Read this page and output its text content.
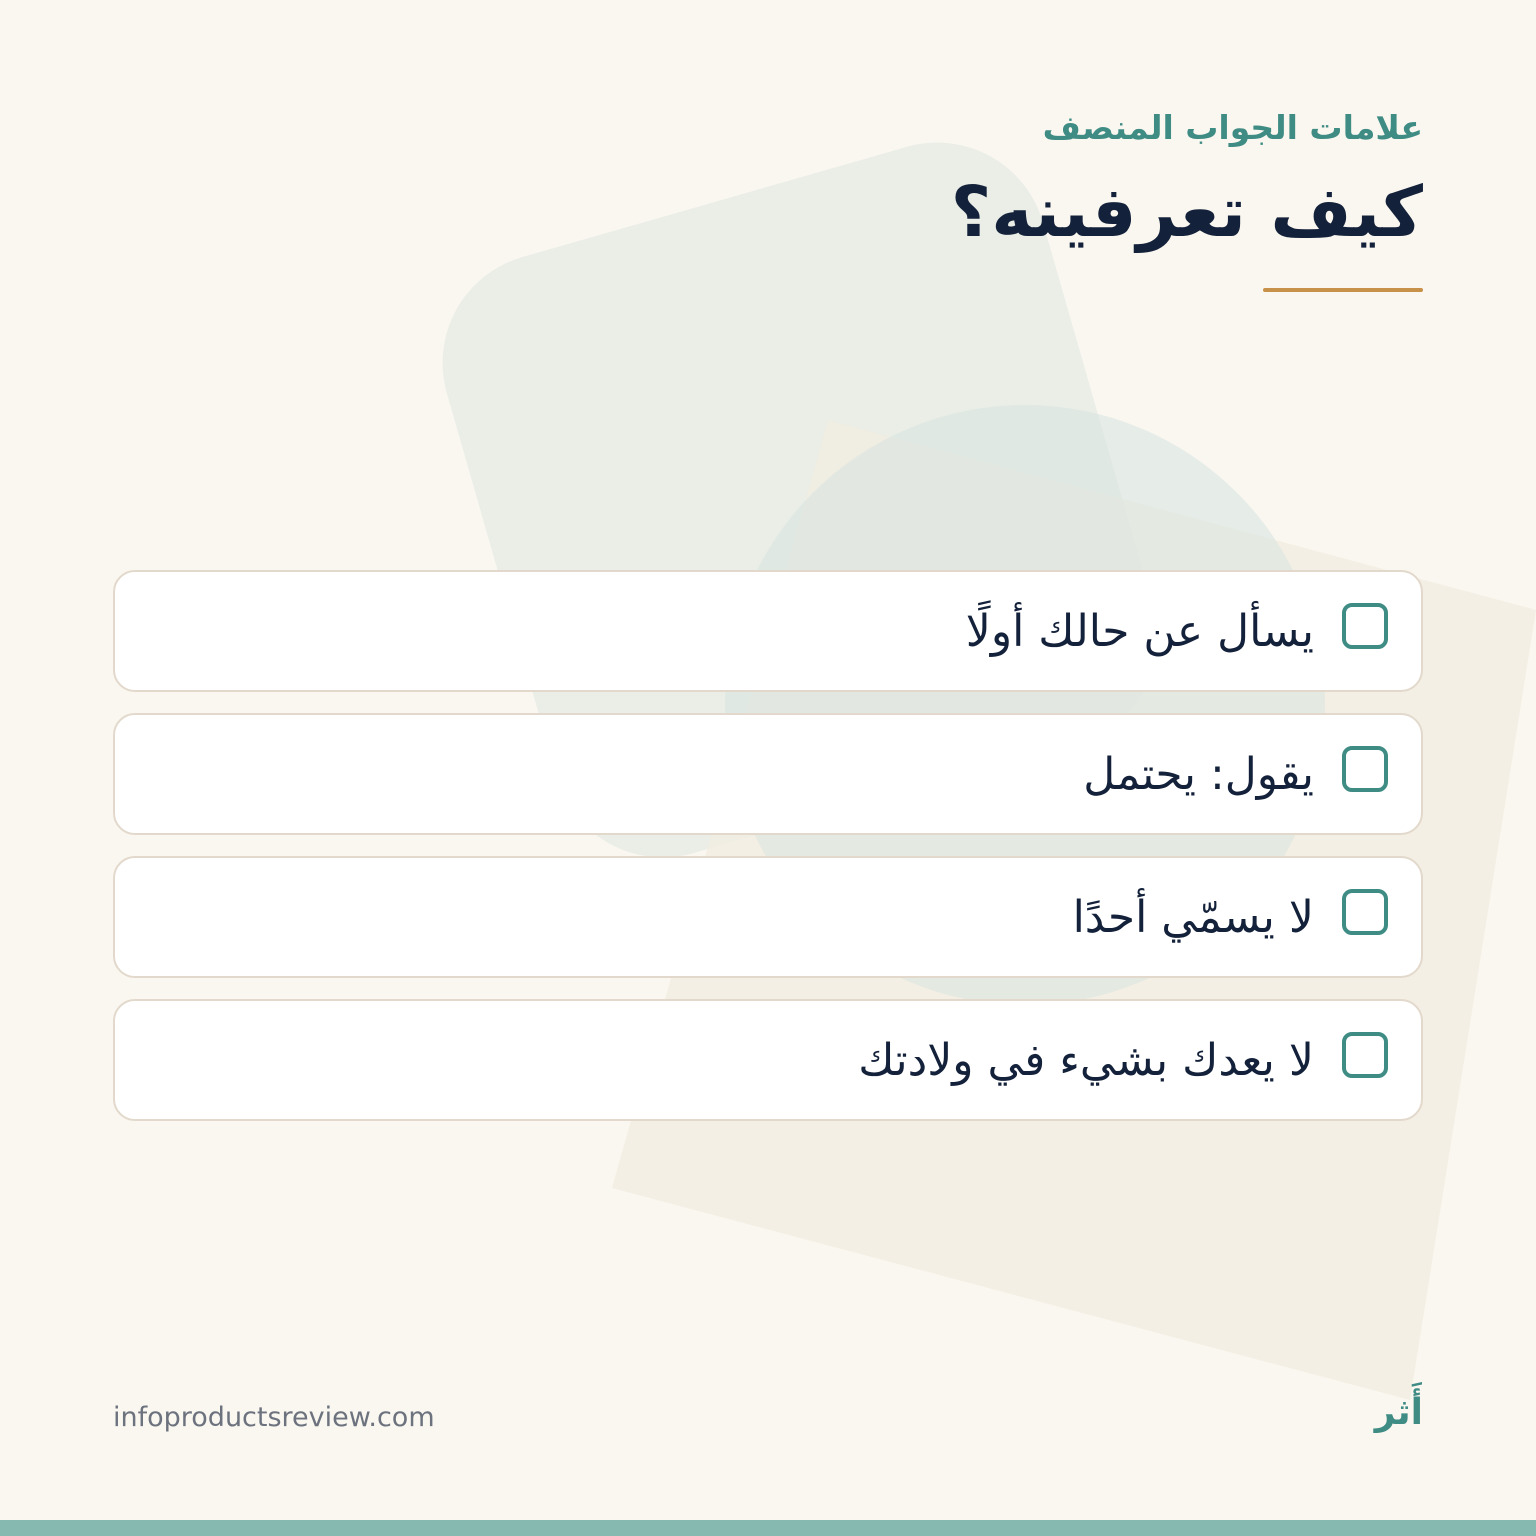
علامات الجواب المنصف

كيف تعرفينه؟
يسأل عن حالك أولًا
يقول: يحتمل
لا يسمّي أحدًا
لا يعدك بشيء في ولادتك
infoproductsreview.com	أَثر
